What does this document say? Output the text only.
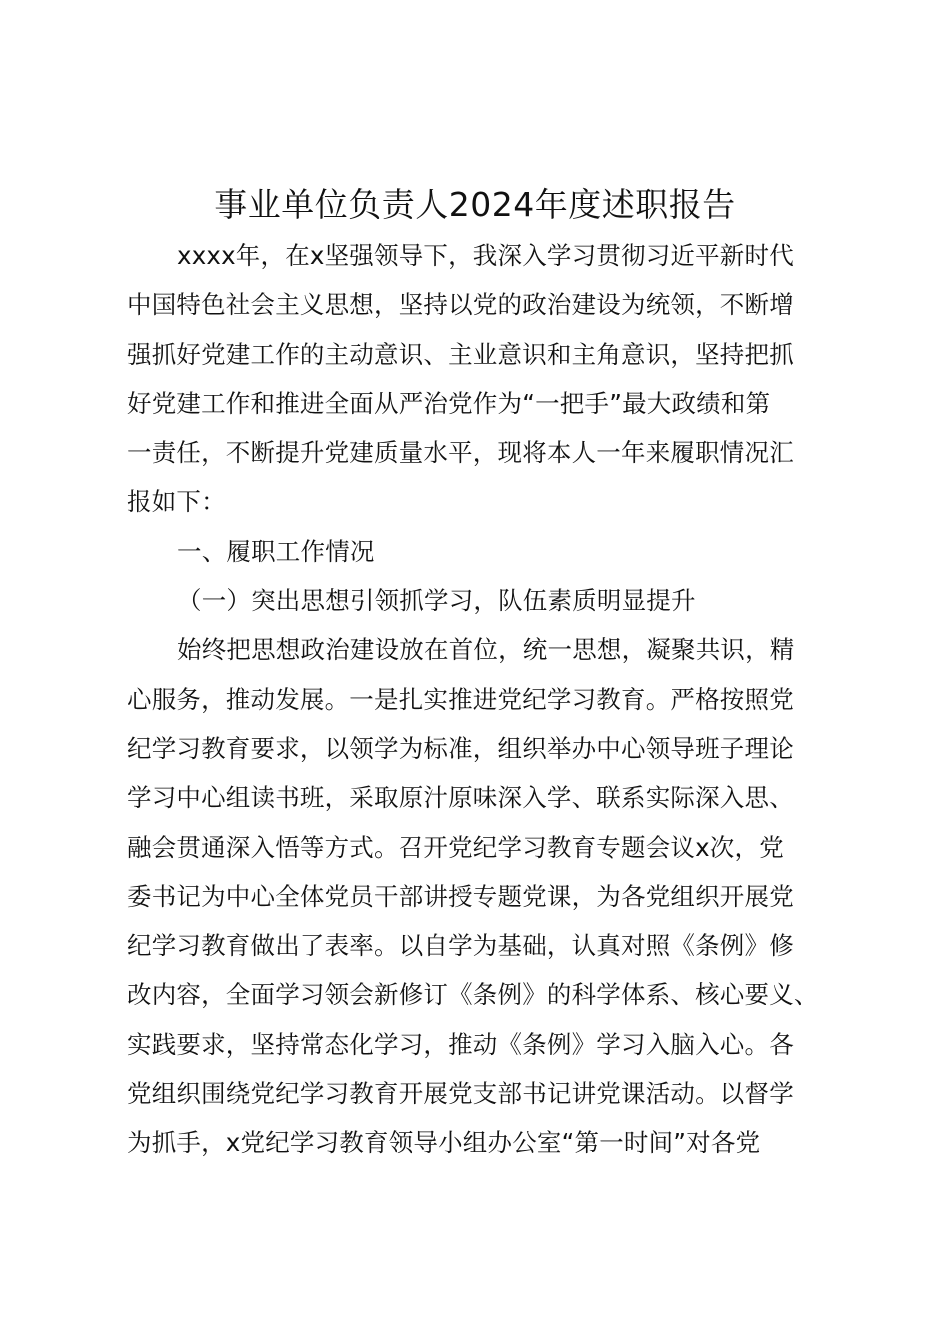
事业单位负责人2024年度述职报告
xxxx年，在x坚强领导下，我深入学习贯彻习近平新时代
中国特色社会主义思想，坚持以党的政治建设为统领，不断增
强抓好党建工作的主动意识、主业意识和主角意识，坚持把抓
好党建工作和推进全面从严治党作为“一把手”最大政绩和第
一责任，不断提升党建质量水平，现将本人一年来履职情况汇
报如下：
一、履职工作情况
（一）突出思想引领抓学习，队伍素质明显提升
始终把思想政治建设放在首位，统一思想，凝聚共识，精
心服务，推动发展。一是扎实推进党纪学习教育。严格按照党
纪学习教育要求，以领学为标准，组织举办中心领导班子理论
学习中心组读书班，采取原汁原味深入学、联系实际深入思、
融会贯通深入悟等方式。召开党纪学习教育专题会议x次，党
委书记为中心全体党员干部讲授专题党课，为各党组织开展党
纪学习教育做出了表率。以自学为基础，认真对照《条例》修
改内容，全面学习领会新修订《条例》的科学体系、核心要义、
实践要求，坚持常态化学习，推动《条例》学习入脑入心。各
党组织围绕党纪学习教育开展党支部书记讲党课活动。以督学
为抓手，x党纪学习教育领导小组办公室“第一时间”对各党
